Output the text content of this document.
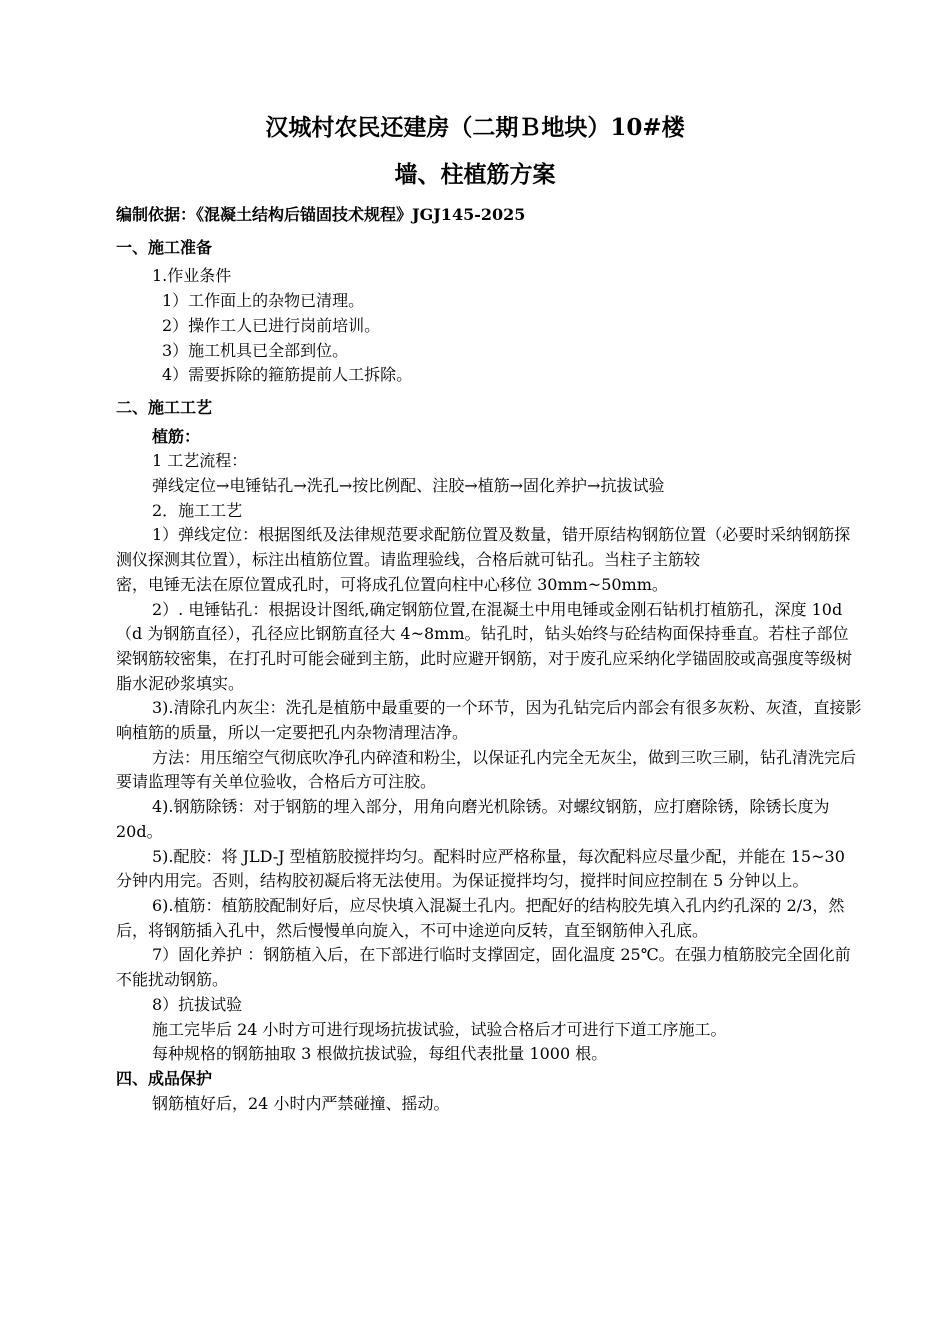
汉城村农民还建房（二期Ｂ地块）10#楼
墙、柱植筋方案

编制依据：《混凝土结构后锚固技术规程》JGJ145-2025

一、施工准备

1.作业条件

1）工作面上的杂物已清理。

2）操作工人已进行岗前培训。

3）施工机具已全部到位。

4）需要拆除的箍筋提前人工拆除。

二、施工工艺

植筋：

1 工艺流程：

弹线定位→电锤钻孔→洗孔→按比例配、注胶→植筋→固化养护→抗拔试验

2．施工工艺

1）弹线定位：根据图纸及法律规范要求配筋位置及数量，错开原结构钢筋位置（必要时采纳钢筋探测仪探测其位置），标注出植筋位置。请监理验线，合格后就可钻孔。当柱子主筋较

密，电锤无法在原位置成孔时，可将成孔位置向柱中心移位 30mm~50mm。

2）. 电锤钻孔：根据设计图纸,确定钢筋位置,在混凝土中用电锤或金刚石钻机打植筋孔，深度 10d（d 为钢筋直径），孔径应比钢筋直径大 4~8mm。钻孔时，钻头始终与砼结构面保持垂直。若柱子部位梁钢筋较密集，在打孔时可能会碰到主筋，此时应避开钢筋，对于废孔应采纳化学锚固胶或高强度等级树脂水泥砂浆填实。

3).清除孔内灰尘：洗孔是植筋中最重要的一个环节，因为孔钻完后内部会有很多灰粉、灰渣，直接影响植筋的质量，所以一定要把孔内杂物清理洁净。

方法：用压缩空气彻底吹净孔内碎渣和粉尘，以保证孔内完全无灰尘，做到三吹三刷，钻孔清洗完后要请监理等有关单位验收，合格后方可注胶。

4).钢筋除锈：对于钢筋的埋入部分，用角向磨光机除锈。对螺纹钢筋，应打磨除锈，除锈长度为 20d。

5).配胶：将 JLD-J 型植筋胶搅拌均匀。配料时应严格称量，每次配料应尽量少配，并能在 15~30 分钟内用完。否则，结构胶初凝后将无法使用。为保证搅拌均匀，搅拌时间应控制在 5 分钟以上。

6).植筋：植筋胶配制好后，应尽快填入混凝土孔内。把配好的结构胶先填入孔内约孔深的 2/3，然后，将钢筋插入孔中，然后慢慢单向旋入，不可中途逆向反转，直至钢筋伸入孔底。

7）固化养护 ：钢筋植入后，在下部进行临时支撑固定，固化温度 25℃。在强力植筋胶完全固化前不能扰动钢筋。

8）抗拔试验

施工完毕后 24 小时方可进行现场抗拔试验，试验合格后才可进行下道工序施工。

每种规格的钢筋抽取 3 根做抗拔试验，每组代表批量 1000 根。

四、成品保护

钢筋植好后，24 小时内严禁碰撞、摇动。
